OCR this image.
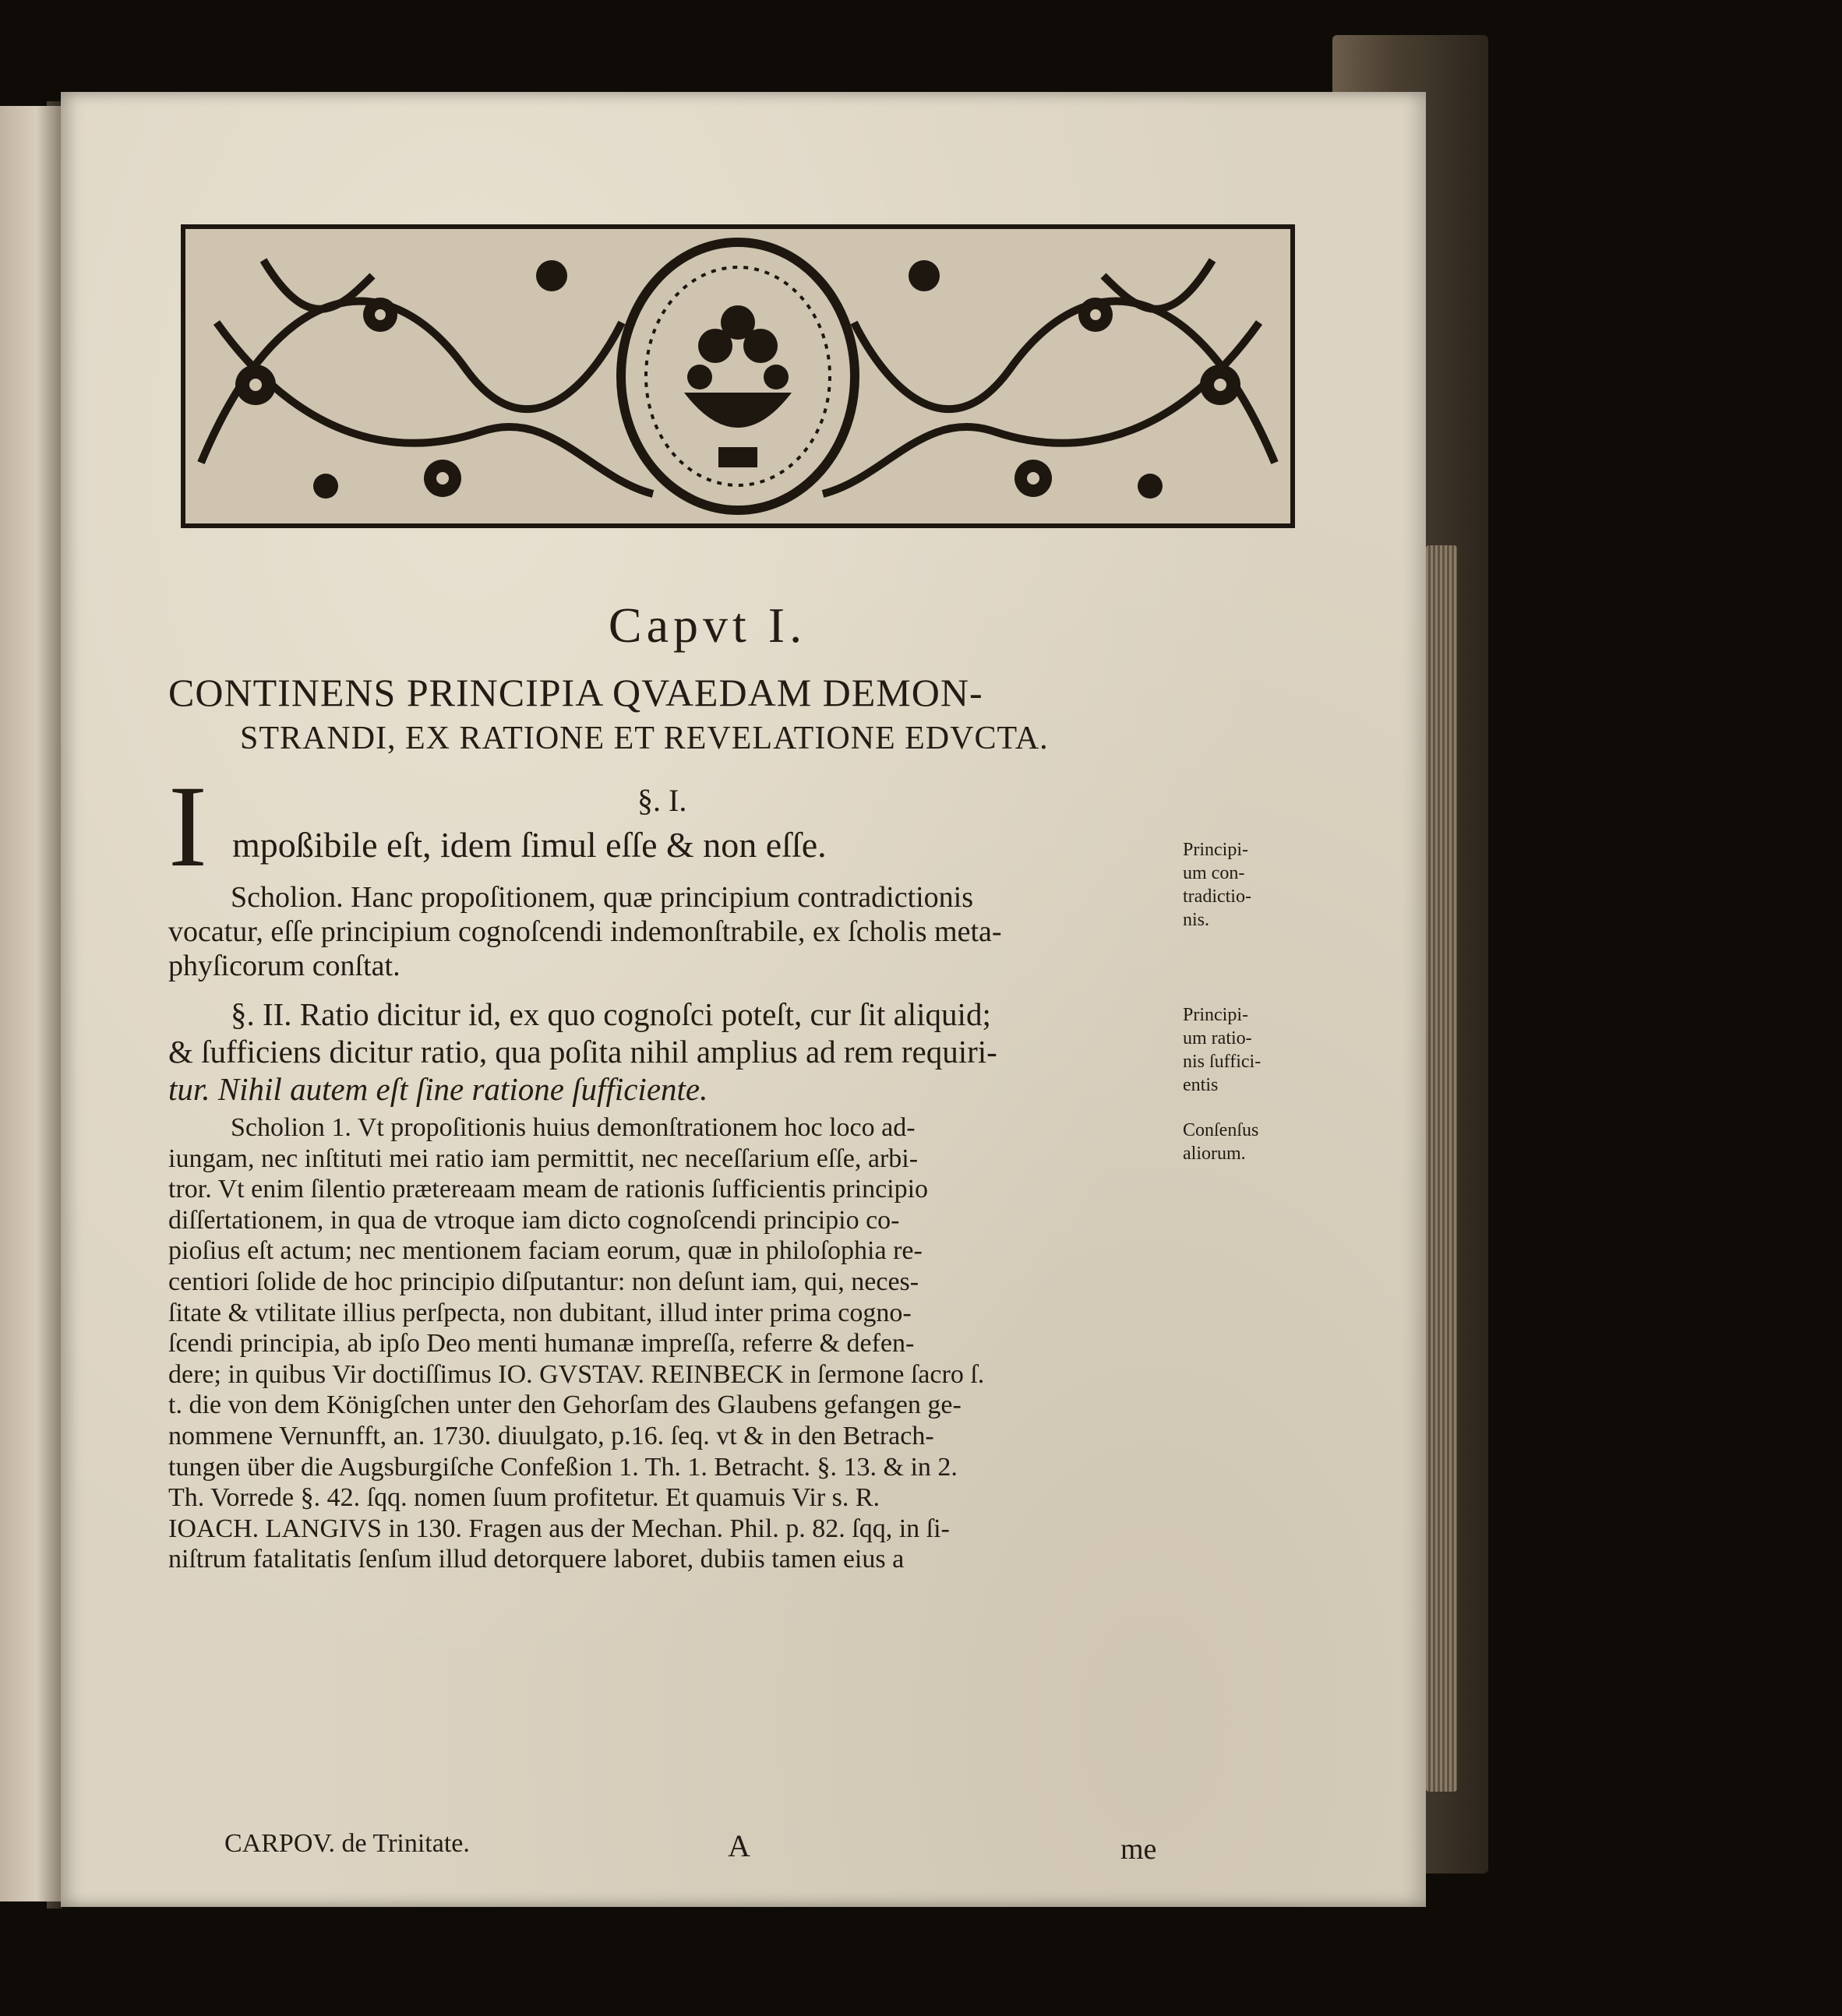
Capvt I.
CONTINENS PRINCIPIA QVAEDAM DEMON-
STRANDI, EX RATIONE ET REVELATIONE EDVCTA.
§. I.
I mpoßibile eſt, idem ſimul eſſe & non eſſe.
Scholion. Hanc propoſitionem, quæ principium contradictionis
vocatur, eſſe principium cognoſcendi indemonſtrabile, ex ſcholis meta-
phyſicorum conſtat.
§. II. Ratio dicitur id, ex quo cognoſci poteſt, cur ſit aliquid;
& ſufficiens dicitur ratio, qua poſita nihil amplius ad rem requiri-
tur. Nihil autem eſt ſine ratione ſufficiente.
Scholion 1. Vt propoſitionis huius demonſtrationem hoc loco ad-
iungam, nec inſtituti mei ratio iam permittit, nec neceſſarium eſſe, arbi-
tror. Vt enim ſilentio prætereaam meam de rationis ſufficientis principio
diſſertationem, in qua de vtroque iam dicto cognoſcendi principio co-
pioſius eſt actum; nec mentionem faciam eorum, quæ in philoſophia re-
centiori ſolide de hoc principio diſputantur: non deſunt iam, qui, neces-
ſitate & vtilitate illius perſpecta, non dubitant, illud inter prima cogno-
ſcendi principia, ab ipſo Deo menti humanæ impreſſa, referre & defen-
dere; in quibus Vir doctiſſimus IO. GVSTAV. REINBECK in ſermone ſacro ſ.
t. die von dem Königſchen unter den Gehorſam des Glaubens gefangen ge-
nommene Vernunfft, an. 1730. diuulgato, p.16. ſeq. vt & in den Betrach-
tungen über die Augsburgiſche Confeßion 1. Th. 1. Betracht. §. 13. & in 2.
Th. Vorrede §. 42. ſqq. nomen ſuum profitetur. Et quamuis Vir s. R.
IOACH. LANGIVS in 130. Fragen aus der Mechan. Phil. p. 82. ſqq, in ſi-
niſtrum fatalitatis ſenſum illud detorquere laboret, dubiis tamen eius a
Principi-
um con-
tradictio-
nis.
Principi-
um ratio-
nis ſuffici-
entis
Conſenſus
aliorum.
CARPOV. de Trinitate.	A	me
